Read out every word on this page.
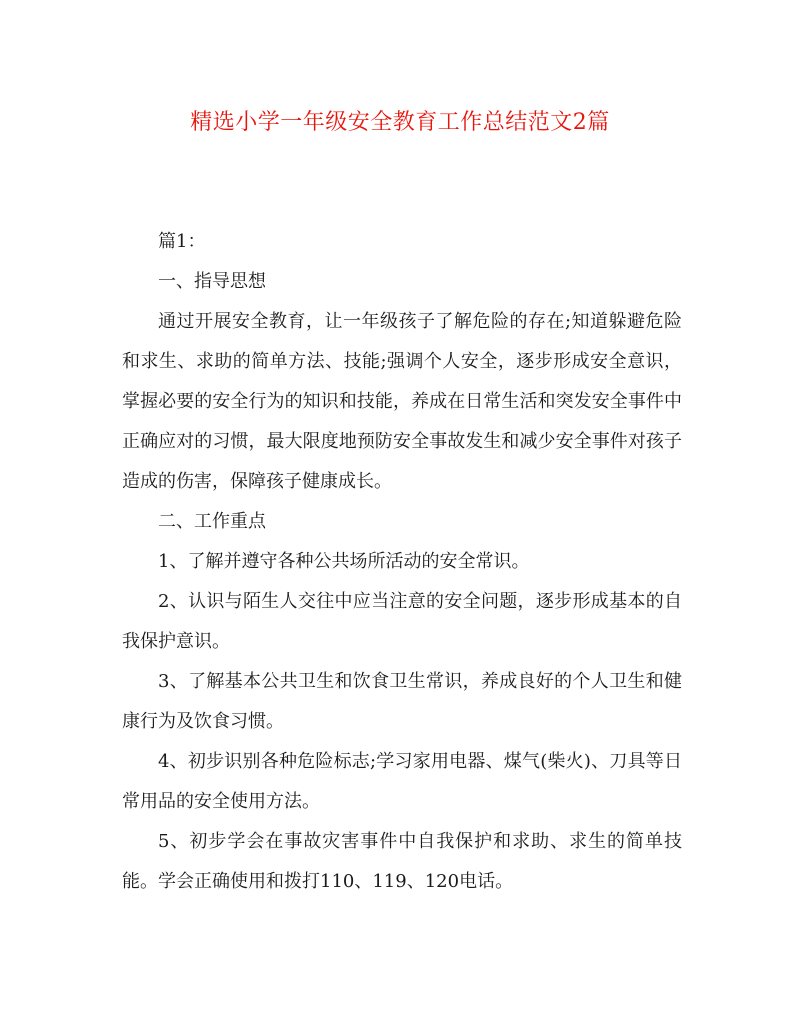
精选小学一年级安全教育工作总结范文2篇

篇1：

一、指导思想

通过开展安全教育，让一年级孩子了解危险的存在;知道躲避危险和求生、求助的简单方法、技能;强调个人安全，逐步形成安全意识，掌握必要的安全行为的知识和技能，养成在日常生活和突发安全事件中正确应对的习惯，最大限度地预防安全事故发生和减少安全事件对孩子造成的伤害，保障孩子健康成长。

二、工作重点

1、了解并遵守各种公共场所活动的安全常识。

2、认识与陌生人交往中应当注意的安全问题，逐步形成基本的自我保护意识。

3、了解基本公共卫生和饮食卫生常识，养成良好的个人卫生和健康行为及饮食习惯。

4、初步识别各种危险标志;学习家用电器、煤气(柴火)、刀具等日常用品的安全使用方法。

5、初步学会在事故灾害事件中自我保护和求助、求生的简单技能。学会正确使用和拨打110、119、120电话。
